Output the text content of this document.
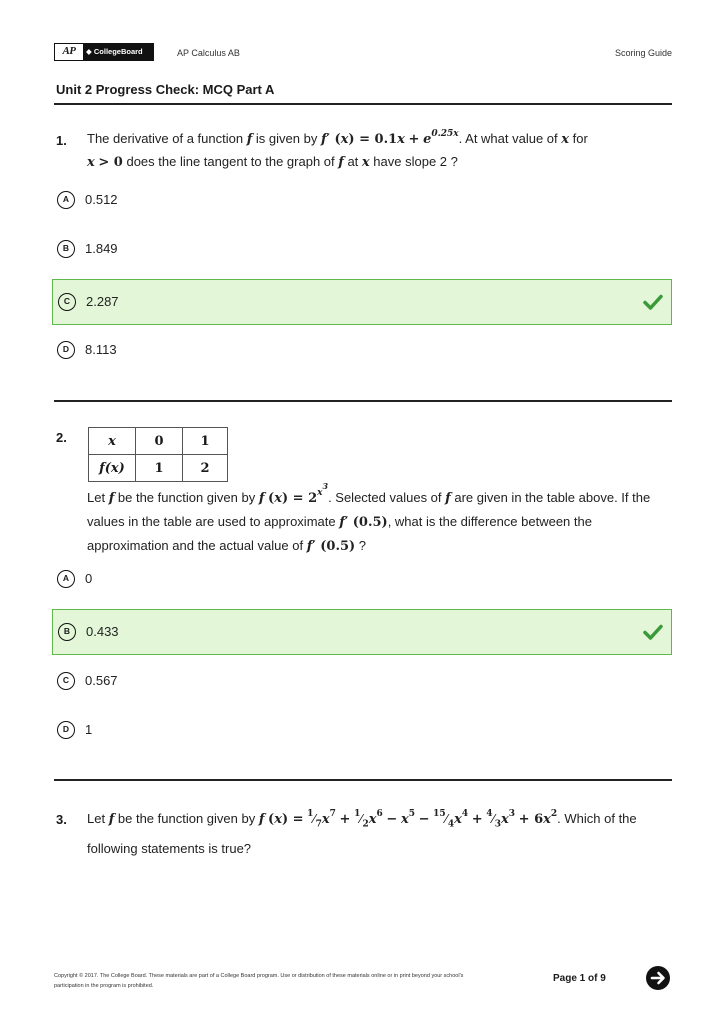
AP	◆ CollegeBoard	AP Calculus AB	Scoring Guide
Unit 2 Progress Check: MCQ Part A
1. The derivative of a function f is given by f′ $(x) = 0.1x + e^{0.25x}$. At what value of x for
x > 0 does the line tangent to the graph of f at x have slope 2 ?
A	0.512
B	1.849
C	2.287
D	8.113
2.	x	0	1
f(x)	1	2
Let f be the function given by f $(x) = 2^{x^3}$. Selected values of f are given in the table above. If the values in the table are used to approximate f′ (0.5), what is the difference between the approximation and the actual value of f′ (0.5) ?
A	0
B	0.433
C	0.567
D	1
3. Let f be the function given by f $(x) = ^1⁄_7x^7$ + $^1⁄_2x^6 - x^5$ − $^{15}⁄_4x^4$ + $^4⁄_3x^3 + 6x^2$. Which of the following statements is true?
Copyright © 2017. The College Board. These materials are part of a College Board program. Use or distribution of these materials online or in print beyond your school's participation in the program is prohibited.
Page 1 of 9
